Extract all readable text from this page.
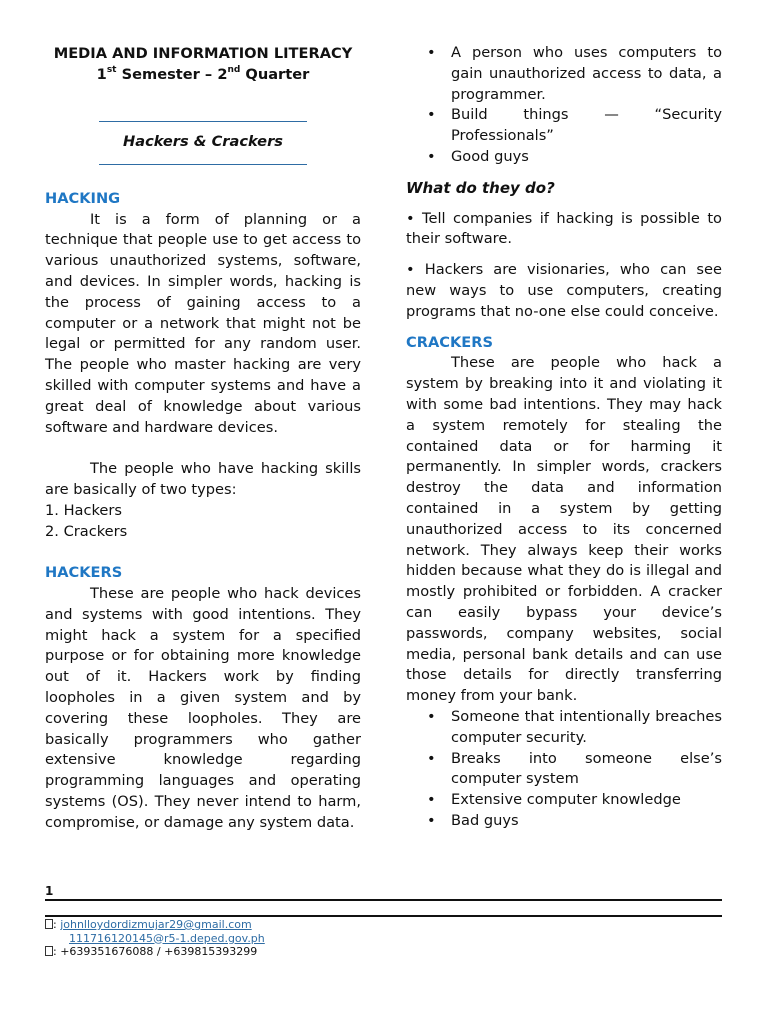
MEDIA AND INFORMATION LITERACY
1st Semester – 2nd Quarter
Hackers & Crackers
HACKING

It is a form of planning or a technique that people use to get access to various unauthorized systems, software, and devices. In simpler words, hacking is the process of gaining access to a computer or a network that might not be legal or permitted for any random user. The people who master hacking are very skilled with computer systems and have a great deal of knowledge about various software and hardware devices.

The people who have hacking skills are basically of two types:

1. Hackers
2. Crackers
HACKERS

These are people who hack devices and systems with good intentions. They might hack a system for a specified purpose or for obtaining more knowledge out of it. Hackers work by finding loopholes in a given system and by covering these loopholes. They are basically programmers who gather extensive knowledge regarding programming languages and operating systems (OS). They never intend to harm, compromise, or damage any system data.

• A person who uses computers to gain unauthorized access to data, a programmer.
• Build things — “Security Professionals”
• Good guys
What do they do?

• Tell companies if hacking is possible to their software.

• Hackers are visionaries, who can see new ways to use computers, creating programs that no-one else could conceive.

CRACKERS

These are people who hack a system by breaking into it and violating it with some bad intentions. They may hack a system remotely for stealing the contained data or for harming it permanently. In simpler words, crackers destroy the data and information contained in a system by getting unauthorized access to its concerned network. They always keep their works hidden because what they do is illegal and mostly prohibited or forbidden. A cracker can easily bypass your device’s passwords, company websites, social media, personal bank details and can use those details for directly transferring money from your bank.

• Someone that intentionally breaches computer security.
• Breaks into someone else’s computer system
• Extensive computer knowledge
• Bad guys
1
: johnlloydordizmujar29@gmail.com
111716120145@r5-1.deped.gov.ph
: +639351676088 / +639815393299
